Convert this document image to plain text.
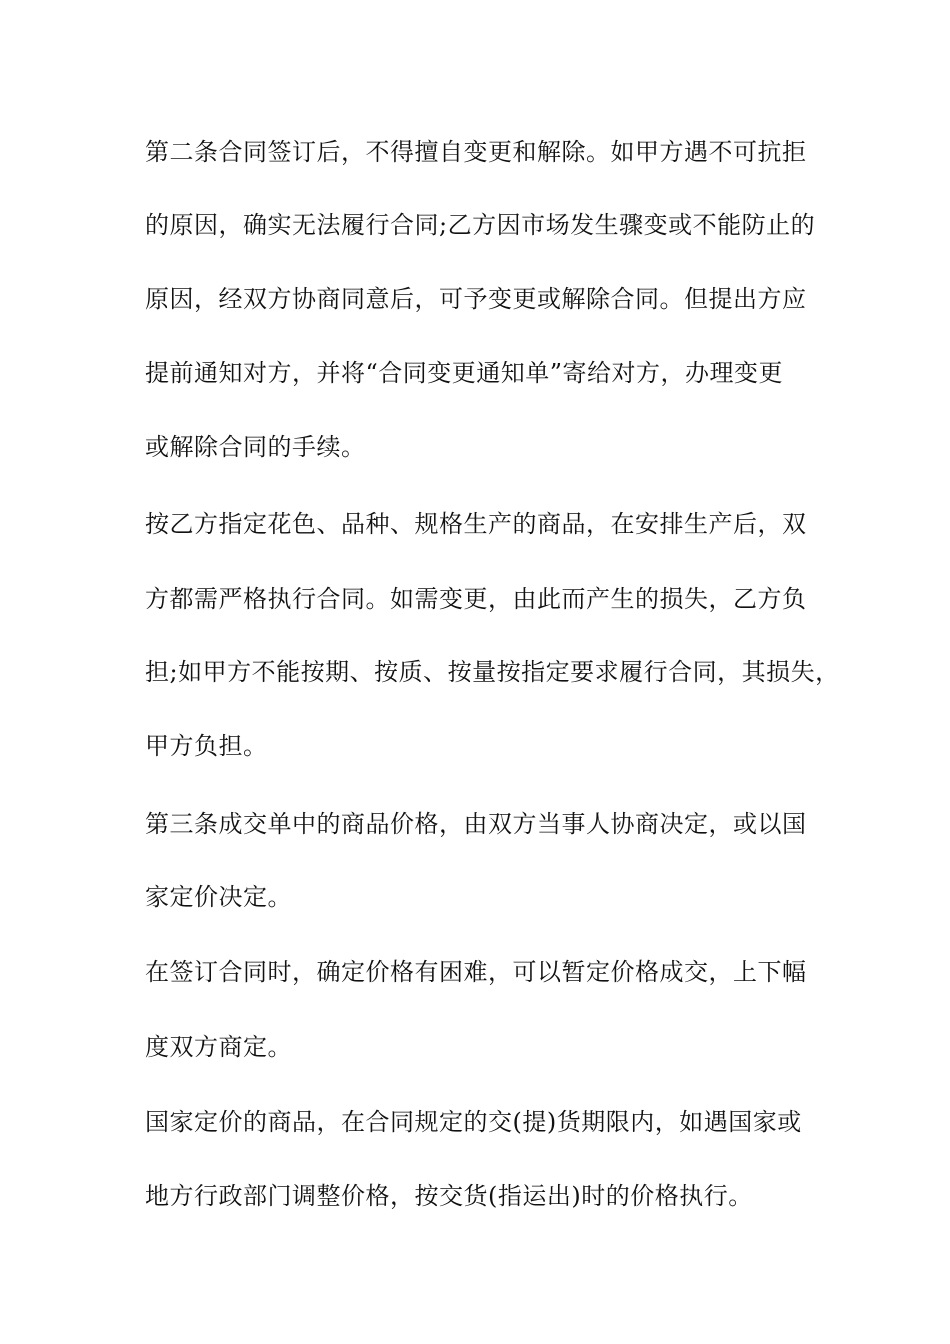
第二条合同签订后，不得擅自变更和解除。如甲方遇不可抗拒
的原因，确实无法履行合同;乙方因市场发生骤变或不能防止的
原因，经双方协商同意后，可予变更或解除合同。但提出方应
提前通知对方，并将“合同变更通知单”寄给对方，办理变更
或解除合同的手续。
按乙方指定花色、品种、规格生产的商品，在安排生产后，双
方都需严格执行合同。如需变更，由此而产生的损失，乙方负
担;如甲方不能按期、按质、按量按指定要求履行合同，其损失，
甲方负担。
第三条成交单中的商品价格，由双方当事人协商决定，或以国
家定价决定。
在签订合同时，确定价格有困难，可以暂定价格成交，上下幅
度双方商定。
国家定价的商品，在合同规定的交(提)货期限内，如遇国家或
地方行政部门调整价格，按交货(指运出)时的价格执行。
